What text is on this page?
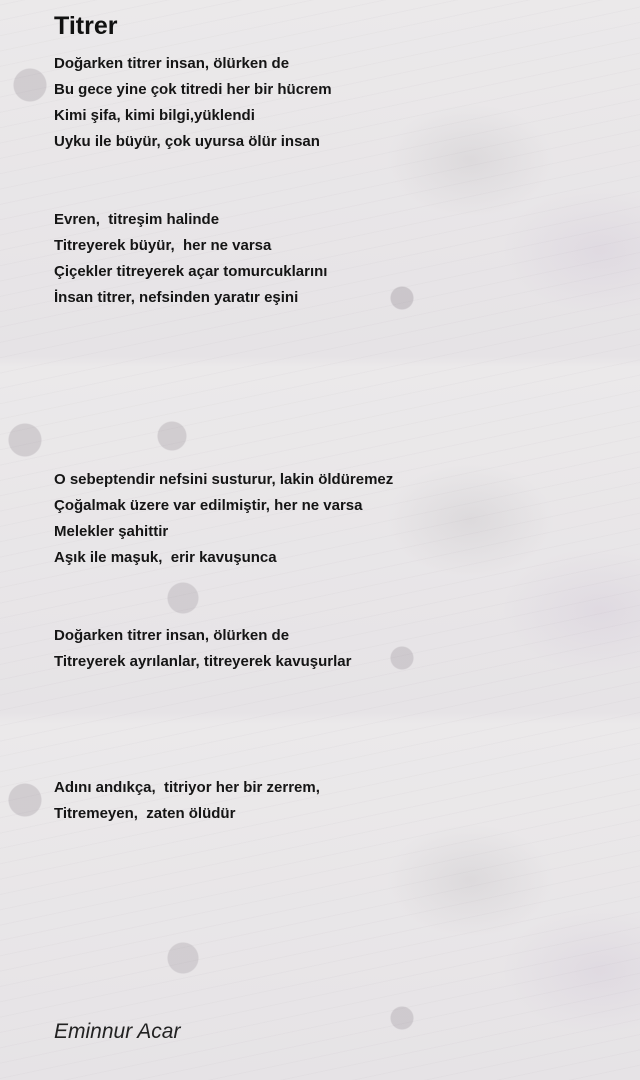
Titrer
Doğarken titrer insan, ölürken de
Bu gece yine çok titredi her bir hücrem
Kimi şifa, kimi bilgi,yüklendi
Uyku ile büyür, çok uyursa ölür insan
Evren,  titreşim halinde
Titreyerek büyür,  her ne varsa
Çiçekler titreyerek açar tomurcuklarını
İnsan titrer, nefsinden yaratır eşini
O sebeptendir nefsini susturur, lakin öldüremez
Çoğalmak üzere var edilmiştir, her ne varsa
Melekler şahittir
Aşık ile maşuk,  erir kavuşunca
Doğarken titrer insan, ölürken de
Titreyerek ayrılanlar, titreyerek kavuşurlar
Adını andıkça,  titriyor her bir zerrem,
Titremeyen,  zaten ölüdür
Eminnur Acar
